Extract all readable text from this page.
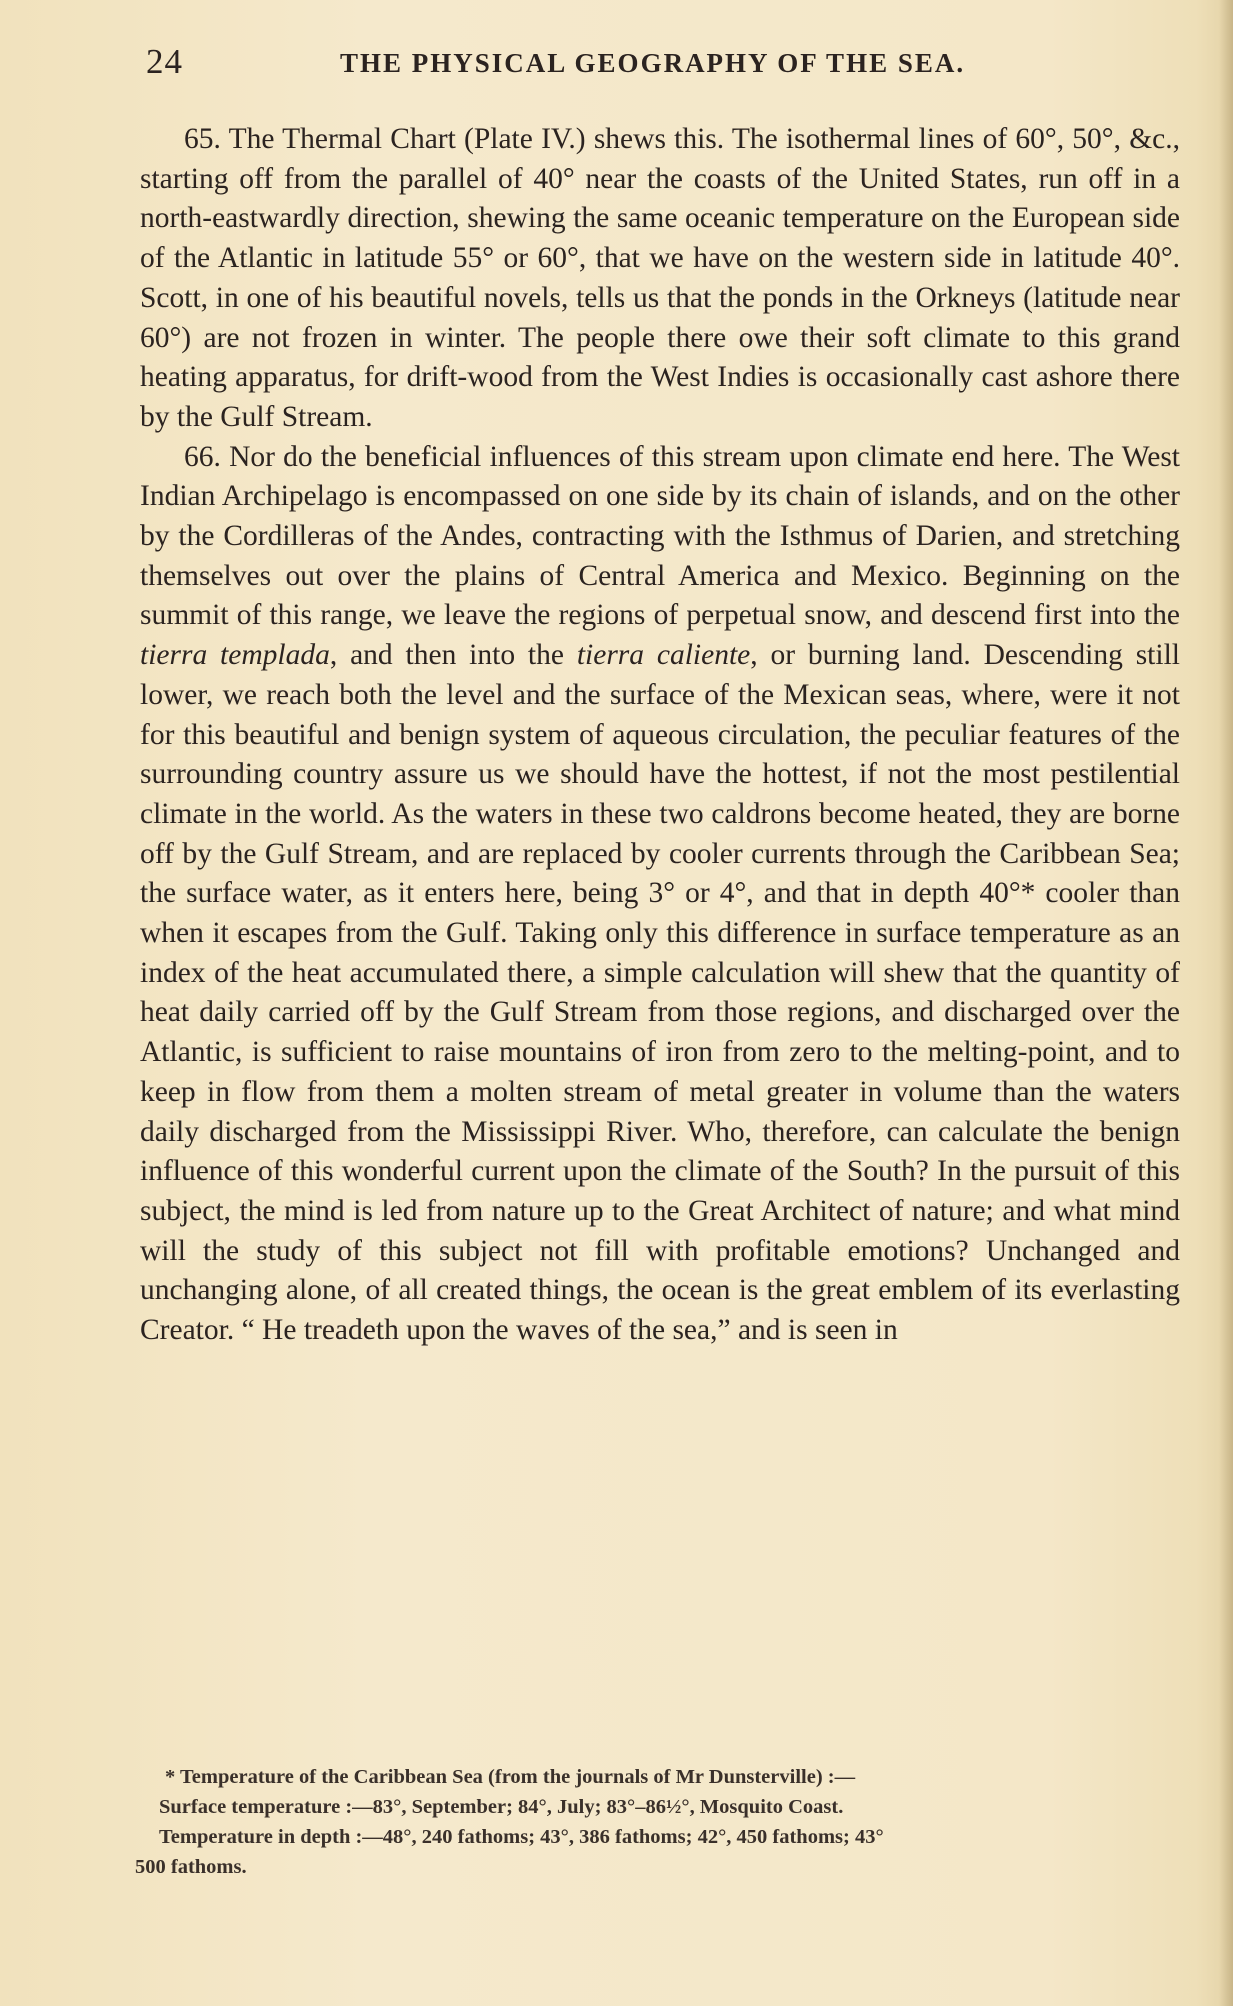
24	THE PHYSICAL GEOGRAPHY OF THE SEA.

65. The Thermal Chart (Plate IV.) shews this. The isothermal lines of 60°, 50°, &c., starting off from the parallel of 40° near the coasts of the United States, run off in a north-eastwardly direction, shewing the same oceanic temperature on the European side of the Atlantic in latitude 55° or 60°, that we have on the western side in latitude 40°. Scott, in one of his beautiful novels, tells us that the ponds in the Orkneys (latitude near 60°) are not frozen in winter. The people there owe their soft climate to this grand heating apparatus, for drift-wood from the West Indies is occasionally cast ashore there by the Gulf Stream.

66. Nor do the beneficial influences of this stream upon climate end here. The West Indian Archipelago is encompassed on one side by its chain of islands, and on the other by the Cordilleras of the Andes, contracting with the Isthmus of Darien, and stretching themselves out over the plains of Central America and Mexico. Beginning on the summit of this range, we leave the regions of perpetual snow, and descend first into the tierra templada, and then into the tierra caliente, or burning land. Descending still lower, we reach both the level and the surface of the Mexican seas, where, were it not for this beautiful and benign system of aqueous circulation, the peculiar features of the surrounding country assure us we should have the hottest, if not the most pestilential climate in the world. As the waters in these two caldrons become heated, they are borne off by the Gulf Stream, and are replaced by cooler currents through the Caribbean Sea; the surface water, as it enters here, being 3° or 4°, and that in depth 40°* cooler than when it escapes from the Gulf. Taking only this difference in surface temperature as an index of the heat accumulated there, a simple calculation will shew that the quantity of heat daily carried off by the Gulf Stream from those regions, and discharged over the Atlantic, is sufficient to raise mountains of iron from zero to the melting-point, and to keep in flow from them a molten stream of metal greater in volume than the waters daily discharged from the Mississippi River. Who, therefore, can calculate the benign influence of this wonderful current upon the climate of the South? In the pursuit of this subject, the mind is led from nature up to the Great Architect of nature; and what mind will the study of this subject not fill with profitable emotions? Unchanged and unchanging alone, of all created things, the ocean is the great emblem of its everlasting Creator. “ He treadeth upon the waves of the sea,” and is seen in

* Temperature of the Caribbean Sea (from the journals of Mr Dunsterville) :—
Surface temperature :—83°, September; 84°, July; 83°–86½°, Mosquito Coast.
Temperature in depth :—48°, 240 fathoms; 43°, 386 fathoms; 42°, 450 fathoms; 43°
500 fathoms.
